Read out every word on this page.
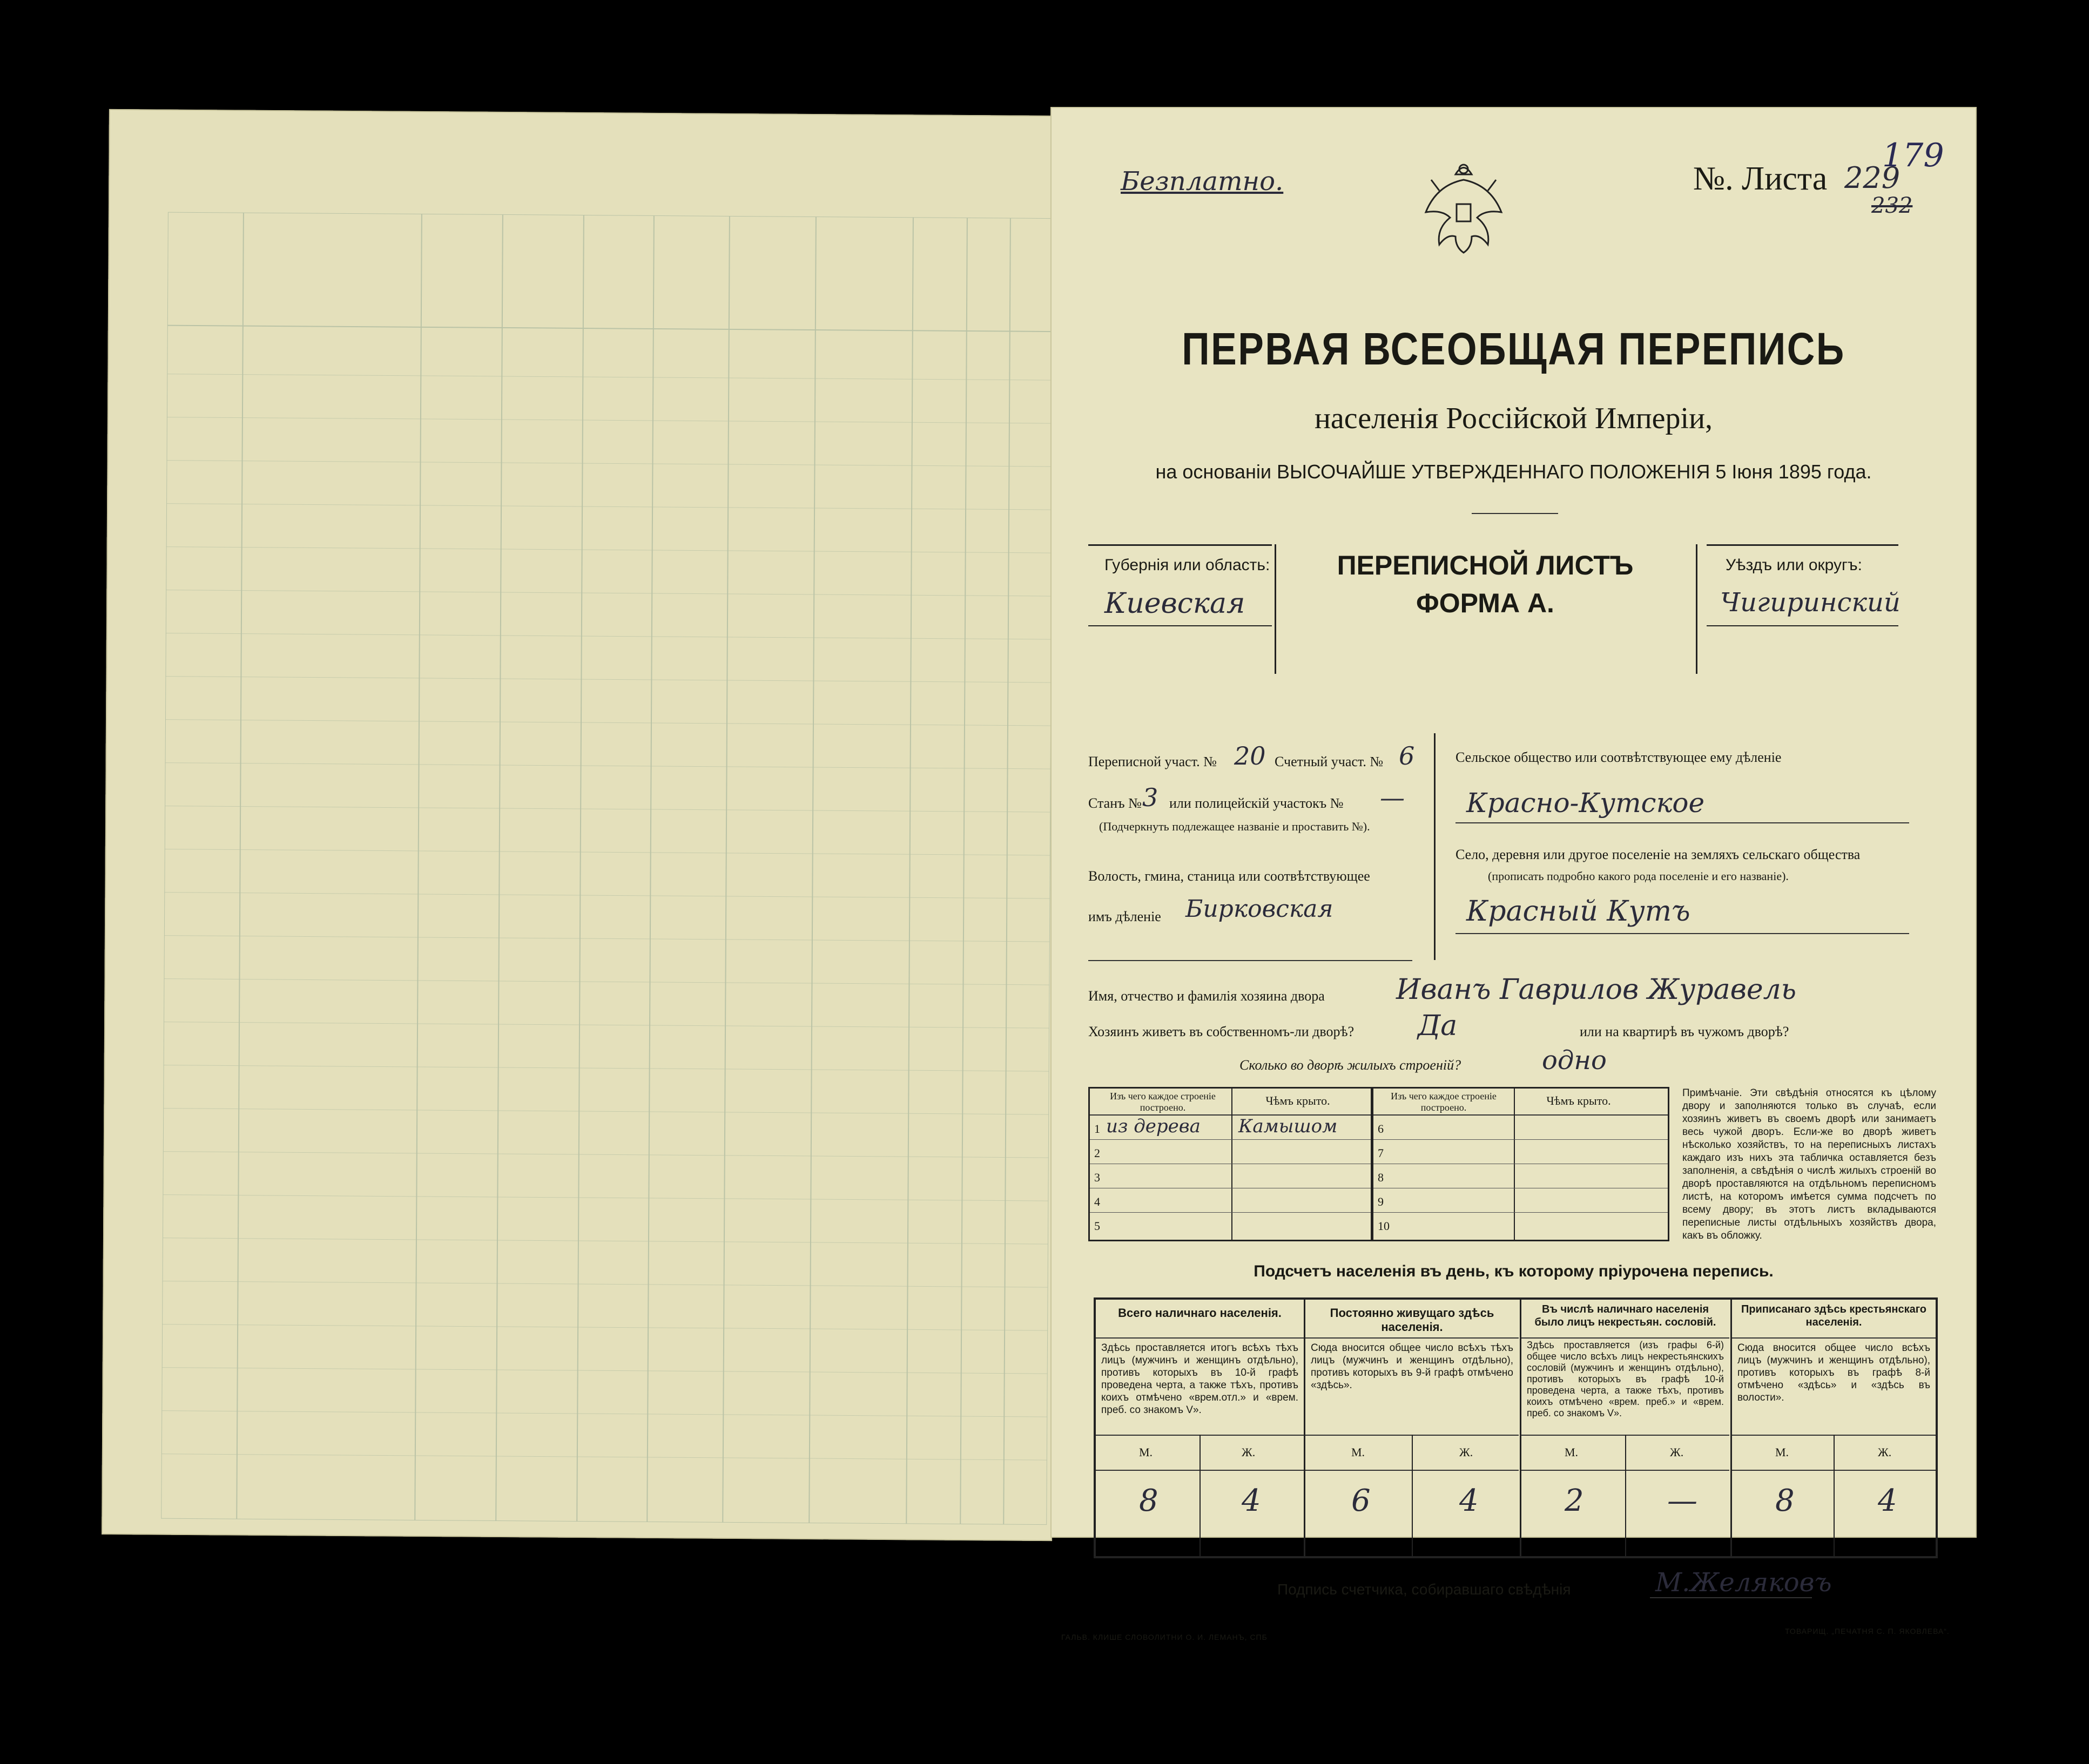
Безплатно.	№. Листа 229
232
179
ПЕРВАЯ ВСЕОБЩАЯ ПЕРЕПИСЬ
населенія Россійской Имперіи,
на основаніи ВЫСОЧАЙШЕ УТВЕРЖДЕННАГО ПОЛОЖЕНІЯ 5 Іюня 1895 года.
Губернія или область:
Киевская
ПЕРЕПИСНОЙ ЛИСТЪ
ФОРМА А.
Уѣздъ или округъ:
Чигиринский
Переписной участ. № 20 Счетный участ. № 6
Станъ № 3 или полицейскій участокъ № —
(Подчеркнуть подлежащее названіе и проставить №).
Волость, гмина, станица или соотвѣтствующее
имъ дѣленіе Бирковская
Сельское общество или соотвѣтствующее ему дѣленіе
Красно-Кутское
Село, деревня или другое поселеніе на земляхъ сельскаго общества
(прописать подробно какого рода поселеніе и его названіе).
Красный Кутъ
Имя, отчество и фамилія хозяина двора	Иванъ Гаврилов Журавель
Хозяинъ живетъ въ собственномъ-ли дворѣ? Да	или на квартирѣ въ чужомъ дворѣ?
Сколько во дворѣ жилыхъ строеній?	одно
Изъ чего каждое строеніе построено.	Чѣмъ крыто.	Изъ чего каждое строеніе построено.	Чѣмъ крыто.
1 из дерева Камышом
2
3
4
5
6
7
8
9
10
Примѣчаніе. Эти свѣдѣнія относятся къ цѣлому двору и заполняются только въ случаѣ, если хозяинъ живетъ въ своемъ дворѣ или занимаетъ весь чужой дворъ. Если-же во дворѣ живетъ нѣсколько хозяйствъ, то на переписныхъ листахъ каждаго изъ нихъ эта табличка оставляется безъ заполненія, а свѣдѣнія о числѣ жилыхъ строеній во дворѣ проставляются на отдѣльномъ переписномъ листѣ, на которомъ имѣется сумма подсчетъ по всему двору; въ этотъ листъ вкладываются переписные листы отдѣльныхъ хозяйствъ двора, какъ въ обложку.
Подсчетъ населенія въ день, къ которому пріурочена перепись.
Всего наличнаго населенія.
Здѣсь проставляется итогъ всѣхъ тѣхъ лицъ (мужчинъ и женщинъ отдѣльно), противъ которыхъ въ 10-й графѣ проведена черта, а также тѣхъ, противъ коихъ отмѣчено «врем.отл.» и «врем. преб. со знакомъ V».
М.	Ж.
8	4
Постоянно живущаго здѣсь населенія.
Сюда вносится общее число всѣхъ тѣхъ лицъ (мужчинъ и женщинъ отдѣльно), противъ которыхъ въ 9-й графѣ отмѣчено «здѣсь».
М.	Ж.
6	4
Въ числѣ наличнаго населенія было лицъ некрестьян. сословій.
Здѣсь проставляется (изъ графы 6-й) общее число всѣхъ лицъ некрестьянскихъ сословій (мужчинъ и женщинъ отдѣльно), противъ которыхъ въ графѣ 10-й проведена черта, а также тѣхъ, противъ коихъ отмѣчено «врем. преб.» и «врем. преб. со знакомъ V».
М.	Ж.
2	—
Приписанаго здѣсь крестьянскаго населенія.
Сюда вносится общее число всѣхъ лицъ (мужчинъ и женщинъ отдѣльно), противъ которыхъ въ графѣ 8-й отмѣчено «здѣсь» и «здѣсь въ волости».
М.	Ж.
8	4
Подпись счетчика, собиравшаго свѣдѣнія	М.Желяковъ
ГАЛЬВ. КЛИШЕ СЛОВОЛИТНИ О. И. ЛЕМАНЪ, СПБ
ТОВАРИЩ. „ПЕЧАТНЯ С. П. ЯКОВЛЕВА“.
